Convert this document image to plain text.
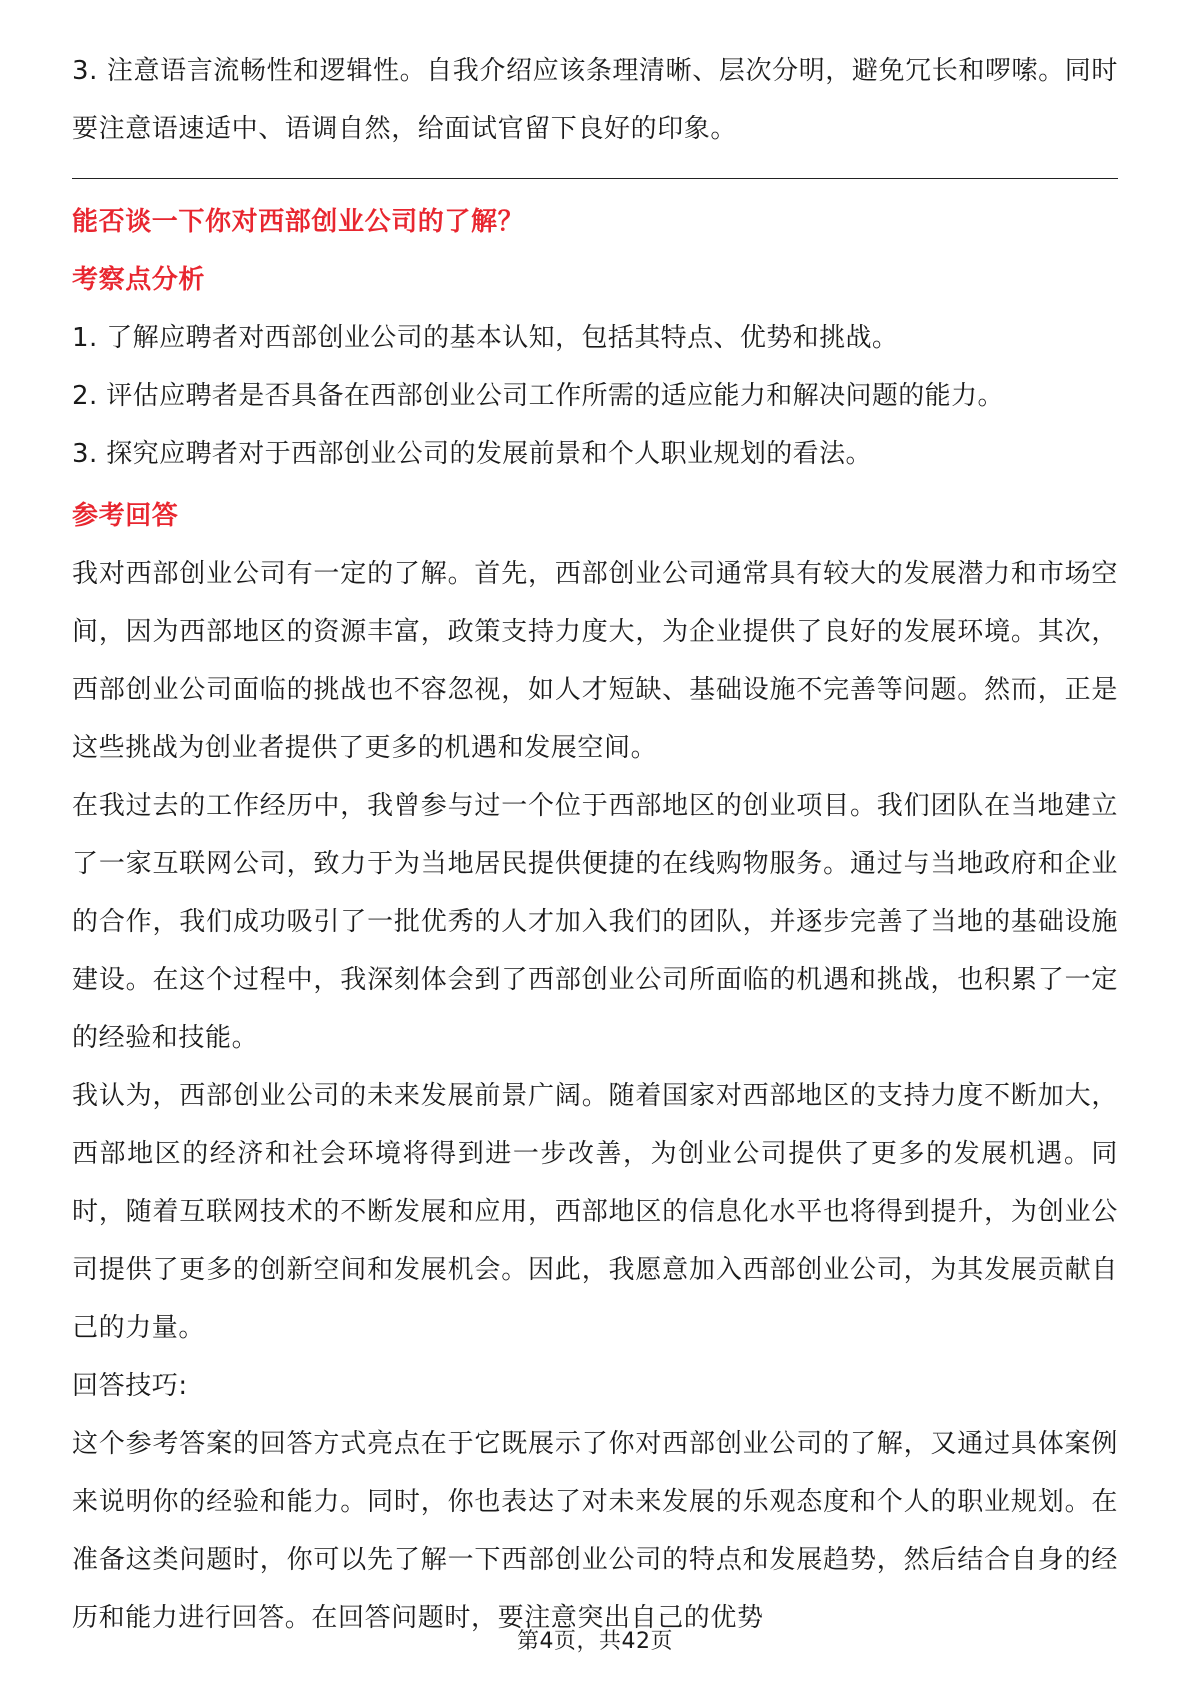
3. 注意语言流畅性和逻辑性。自我介绍应该条理清晰、层次分明，避免冗长和啰嗦。同时要注意语速适中、语调自然，给面试官留下良好的印象。

能否谈一下你对西部创业公司的了解？
考察点分析

1. 了解应聘者对西部创业公司的基本认知，包括其特点、优势和挑战。

2. 评估应聘者是否具备在西部创业公司工作所需的适应能力和解决问题的能力。

3. 探究应聘者对于西部创业公司的发展前景和个人职业规划的看法。

参考回答

我对西部创业公司有一定的了解。首先，西部创业公司通常具有较大的发展潜力和市场空间，因为西部地区的资源丰富，政策支持力度大，为企业提供了良好的发展环境。其次，西部创业公司面临的挑战也不容忽视，如人才短缺、基础设施不完善等问题。然而，正是这些挑战为创业者提供了更多的机遇和发展空间。

在我过去的工作经历中，我曾参与过一个位于西部地区的创业项目。我们团队在当地建立了一家互联网公司，致力于为当地居民提供便捷的在线购物服务。通过与当地政府和企业的合作，我们成功吸引了一批优秀的人才加入我们的团队，并逐步完善了当地的基础设施建设。在这个过程中，我深刻体会到了西部创业公司所面临的机遇和挑战，也积累了一定的经验和技能。

我认为，西部创业公司的未来发展前景广阔。随着国家对西部地区的支持力度不断加大，西部地区的经济和社会环境将得到进一步改善，为创业公司提供了更多的发展机遇。同时，随着互联网技术的不断发展和应用，西部地区的信息化水平也将得到提升，为创业公司提供了更多的创新空间和发展机会。因此，我愿意加入西部创业公司，为其发展贡献自己的力量。

回答技巧:

这个参考答案的回答方式亮点在于它既展示了你对西部创业公司的了解，又通过具体案例来说明你的经验和能力。同时，你也表达了对未来发展的乐观态度和个人的职业规划。在准备这类问题时，你可以先了解一下西部创业公司的特点和发展趋势，然后结合自身的经历和能力进行回答。在回答问题时，要注意突出自己的优势

第4页，共42页
